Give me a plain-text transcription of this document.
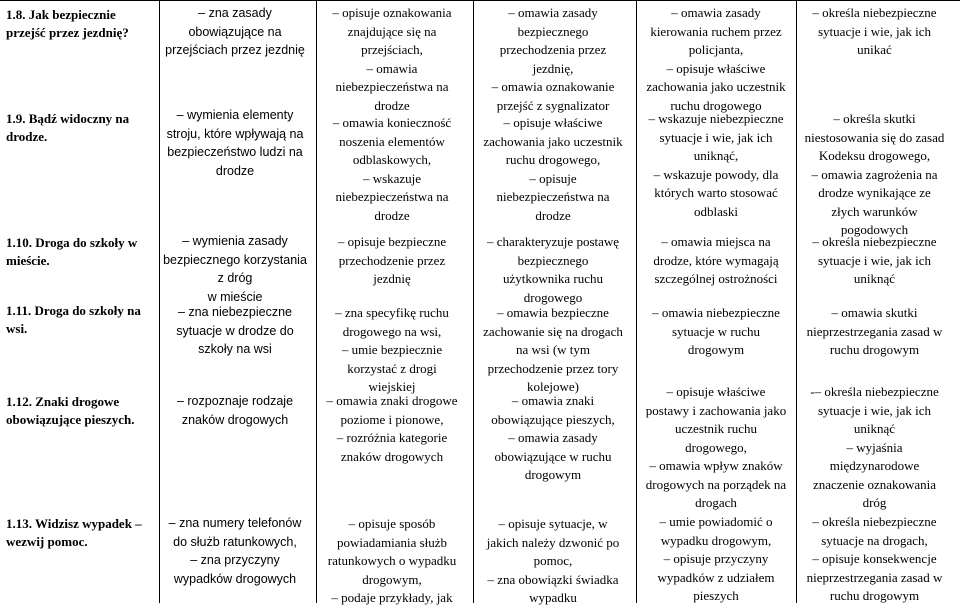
1.8. Jak bezpiecznie
przejść przez jezdnię?
1.9. Bądź widoczny na
drodze.
1.10. Droga do szkoły w
mieście.
1.11. Droga do szkoły na
wsi.
1.12. Znaki drogowe
obowiązujące pieszych.
1.13. Widzisz wypadek –
wezwij pomoc.
– zna zasady
obowiązujące na
przejściach przez jezdnię
– wymienia elementy
stroju, które wpływają na
bezpieczeństwo ludzi na
drodze
– wymienia zasady
bezpiecznego korzystania
z dróg
w mieście
– zna niebezpieczne
sytuacje w drodze do
szkoły na wsi
– rozpoznaje rodzaje
znaków drogowych
– zna numery telefonów
do służb ratunkowych,
– zna przyczyny
wypadków drogowych
– opisuje oznakowania
znajdujące się na
przejściach,
– omawia
niebezpieczeństwa na
drodze
– omawia konieczność
noszenia elementów
odblaskowych,
– wskazuje
niebezpieczeństwa na
drodze
– opisuje bezpieczne
przechodzenie przez
jezdnię
– zna specyfikę ruchu
drogowego na wsi,
– umie bezpiecznie
korzystać z drogi
wiejskiej
– omawia znaki drogowe
poziome i pionowe,
– rozróżnia kategorie
znaków drogowych
– opisuje sposób
powiadamiania służb
ratunkowych o wypadku
drogowym,
– podaje przykłady, jak
– omawia zasady
bezpiecznego
przechodzenia przez
jezdnię,
– omawia oznakowanie
przejść z sygnalizator
– opisuje właściwe
zachowania jako uczestnik
ruchu drogowego,
– opisuje
niebezpieczeństwa na
drodze
– charakteryzuje postawę
bezpiecznego
użytkownika ruchu
drogowego
– omawia bezpieczne
zachowanie się na drogach
na wsi (w tym
przechodzenie przez tory
kolejowe)
– omawia znaki
obowiązujące pieszych,
– omawia zasady
obowiązujące w ruchu
drogowym
– opisuje sytuacje, w
jakich należy dzwonić po
pomoc,
– zna obowiązki świadka
wypadku
– omawia zasady
kierowania ruchem przez
policjanta,
– opisuje właściwe
zachowania jako uczestnik
ruchu drogowego
– wskazuje niebezpieczne
sytuacje i wie, jak ich
uniknąć,
– wskazuje powody, dla
których warto stosować
odblaski
– omawia miejsca na
drodze, które wymagają
szczególnej ostrożności
– omawia niebezpieczne
sytuacje w ruchu
drogowym
– opisuje właściwe
postawy i zachowania jako
uczestnik ruchu
drogowego,
– omawia wpływ znaków
drogowych na porządek na
drogach
– umie powiadomić o
wypadku drogowym,
– opisuje przyczyny
wypadków z udziałem
pieszych
– określa niebezpieczne
sytuacje i wie, jak ich
unikać
– określa skutki
niestosowania się do zasad
Kodeksu drogowego,
– omawia zagrożenia na
drodze wynikające ze
złych warunków
pogodowych
– określa niebezpieczne
sytuacje i wie, jak ich
uniknąć
– omawia skutki
nieprzestrzegania zasad w
ruchu drogowym
-– określa niebezpieczne
sytuacje i wie, jak ich
uniknąć
– wyjaśnia
międzynarodowe
znaczenie oznakowania
dróg
– określa niebezpieczne
sytuacje na drogach,
– opisuje konsekwencje
nieprzestrzegania zasad w
ruchu drogowym
